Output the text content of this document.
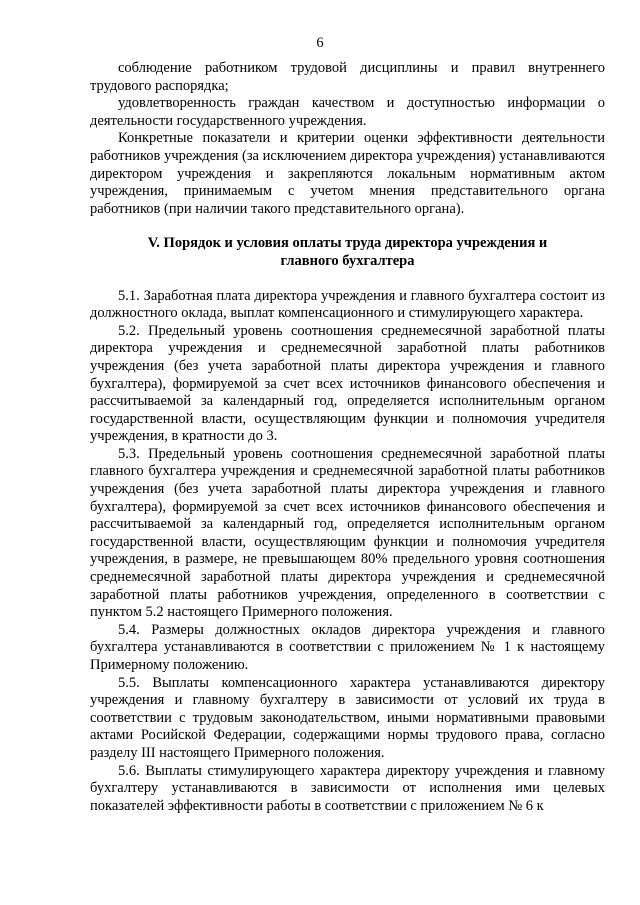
6

соблюдение работником трудовой дисциплины и правил внутреннего трудового распорядка;

удовлетворенность граждан качеством и доступностью информации о деятельности государственного учреждения.

Конкретные показатели и критерии оценки эффективности деятельности работников учреждения (за исключением директора учреждения) устанавливаются директором учреждения и закрепляются локальным нормативным актом учреждения, принимаемым с учетом мнения представительного органа работников (при наличии такого представительного органа).

V. Порядок и условия оплаты труда директора учреждения и
главного бухгалтера

5.1. Заработная плата директора учреждения и главного бухгалтера состоит из должностного оклада, выплат компенсационного и стимулирующего характера.

5.2. Предельный уровень соотношения среднемесячной заработной платы директора учреждения и среднемесячной заработной платы работников учреждения (без учета заработной платы директора учреждения и главного бухгалтера), формируемой за счет всех источников финансового обеспечения и рассчитываемой за календарный год, определяется исполнительным органом государственной власти, осуществляющим функции и полномочия учредителя учреждения, в кратности до 3.

5.3. Предельный уровень соотношения среднемесячной заработной платы главного бухгалтера учреждения и среднемесячной заработной платы работников учреждения (без учета заработной платы директора учреждения и главного бухгалтера), формируемой за счет всех источников финансового обеспечения и рассчитываемой за календарный год, определяется исполнительным органом государственной власти, осуществляющим функции и полномочия учредителя учреждения, в размере, не превышающем 80% предельного уровня соотношения среднемесячной заработной платы директора учреждения и среднемесячной заработной платы работников учреждения, определенного в соответствии с пунктом 5.2 настоящего Примерного положения.

5.4. Размеры должностных окладов директора учреждения и главного бухгалтера устанавливаются в соответствии с приложением № 1 к настоящему Примерному положению.

5.5. Выплаты компенсационного характера устанавливаются директору учреждения и главному бухгалтеру в зависимости от условий их труда в соответствии с трудовым законодательством, иными нормативными правовыми актами Росийской Федерации, содержащими нормы трудового права, согласно разделу III настоящего Примерного положения.

5.6. Выплаты стимулирующего характера директору учреждения и главному бухгалтеру устанавливаются в зависимости от исполнения ими целевых показателей эффективности работы в соответствии с приложением № 6 к
